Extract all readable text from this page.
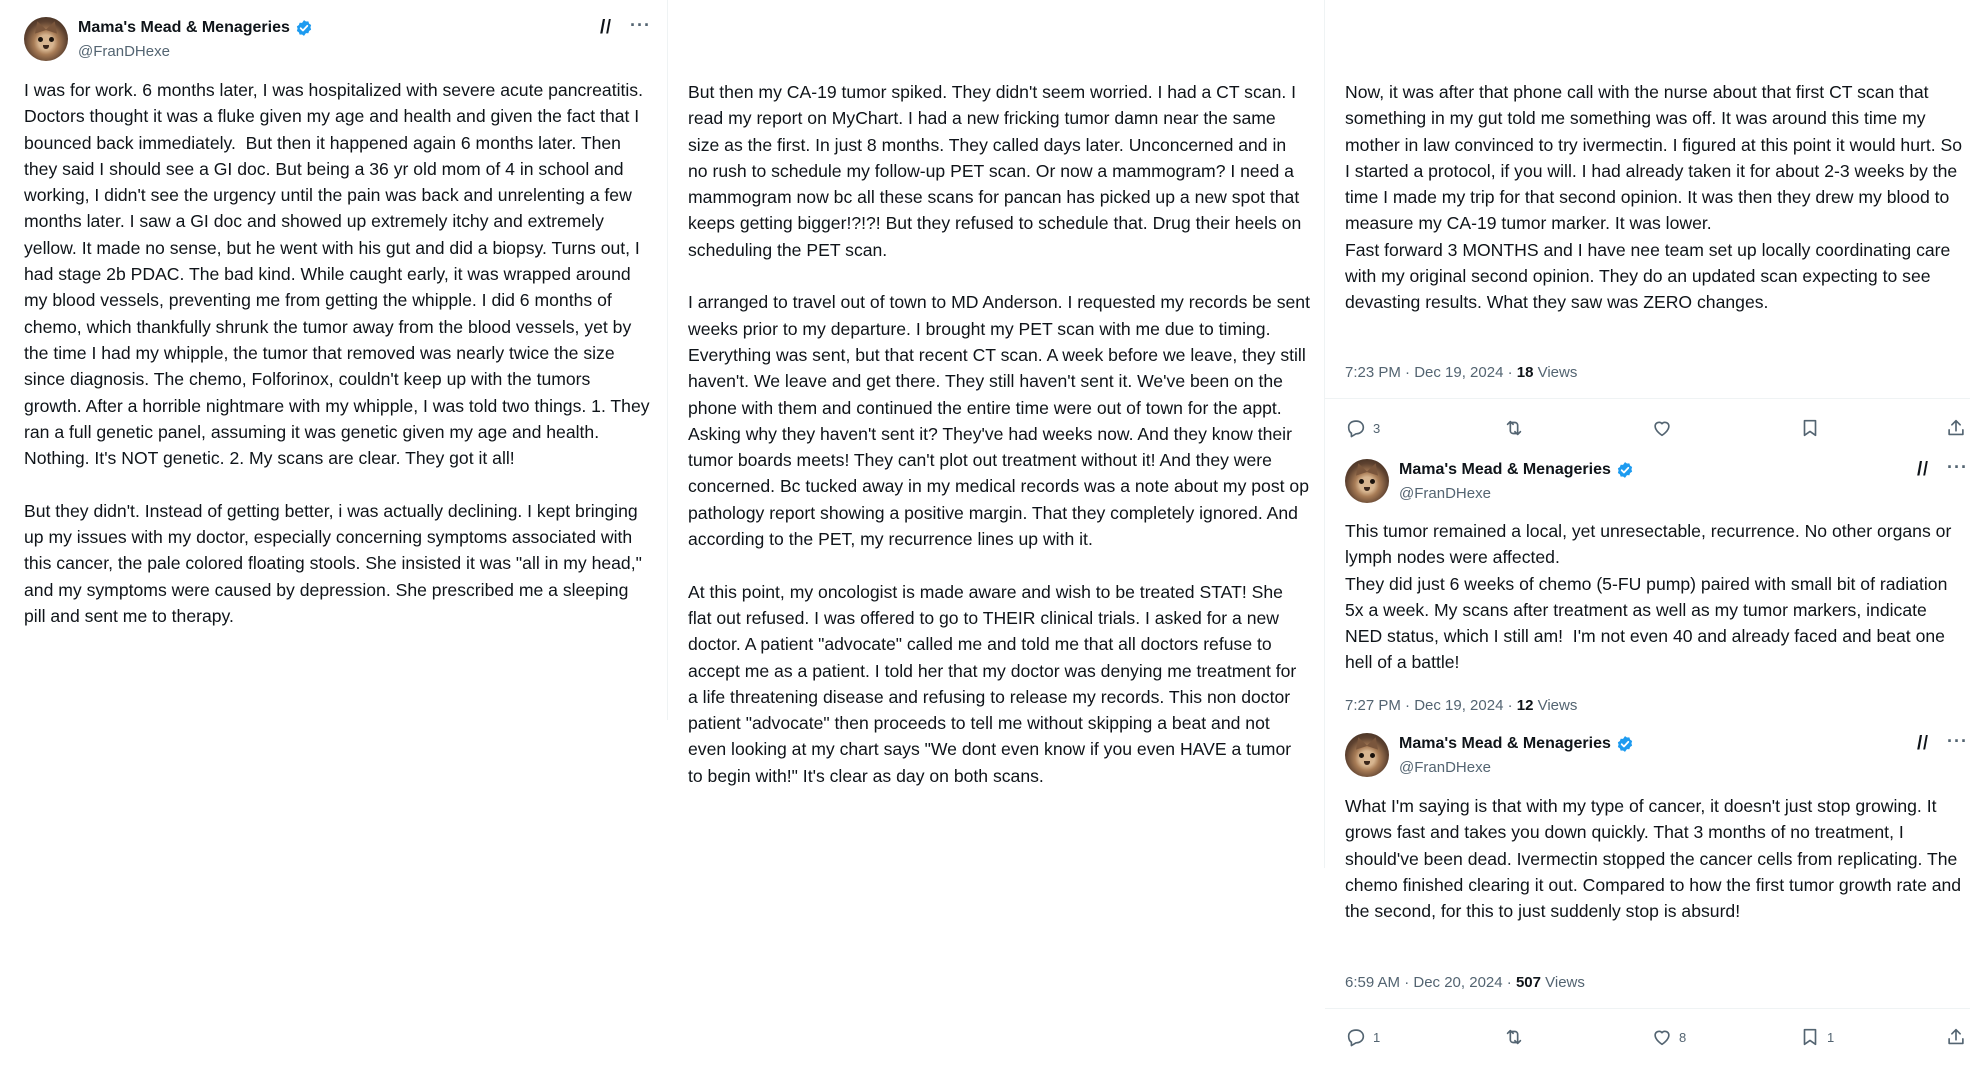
Mama's Mead & Menageries
@FranDHexe
/ ̸ ···
I was for work. 6 months later, I was hospitalized with severe acute pancreatitis. Doctors thought it was a fluke given my age and health and given the fact that I bounced back immediately.  But then it happened again 6 months later. Then they said I should see a GI doc. But being a 36 yr old mom of 4 in school and working, I didn't see the urgency until the pain was back and unrelenting a few months later. I saw a GI doc and showed up extremely itchy and extremely yellow. It made no sense, but he went with his gut and did a biopsy. Turns out, I had stage 2b PDAC. The bad kind. While caught early, it was wrapped around my blood vessels, preventing me from getting the whipple. I did 6 months of chemo, which thankfully shrunk the tumor away from the blood vessels, yet by the time I had my whipple, the tumor that removed was nearly twice the size since diagnosis. The chemo, Folforinox, couldn't keep up with the tumors growth. After a horrible nightmare with my whipple, I was told two things. 1. They ran a full genetic panel, assuming it was genetic given my age and health. Nothing. It's NOT genetic. 2. My scans are clear. They got it all!

But they didn't. Instead of getting better, i was actually declining. I kept bringing up my issues with my doctor, especially concerning symptoms associated with this cancer, the pale colored floating stools. She insisted it was "all in my head," and my symptoms were caused by depression. She prescribed me a sleeping pill and sent me to therapy.
But then my CA-19 tumor spiked. They didn't seem worried. I had a CT scan. I read my report on MyChart. I had a new fricking tumor damn near the same size as the first. In just 8 months. They called days later. Unconcerned and in no rush to schedule my follow-up PET scan. Or now a mammogram? I need a mammogram now bc all these scans for pancan has picked up a new spot that keeps getting bigger!?!?! But they refused to schedule that. Drug their heels on scheduling the PET scan.

I arranged to travel out of town to MD Anderson. I requested my records be sent weeks prior to my departure. I brought my PET scan with me due to timing. Everything was sent, but that recent CT scan. A week before we leave, they still haven't. We leave and get there. They still haven't sent it. We've been on the phone with them and continued the entire time were out of town for the appt. Asking why they haven't sent it? They've had weeks now. And they know their tumor boards meets! They can't plot out treatment without it! And they were concerned. Bc tucked away in my medical records was a note about my post op pathology report showing a positive margin. That they completely ignored. And according to the PET, my recurrence lines up with it.

At this point, my oncologist is made aware and wish to be treated STAT! She flat out refused. I was offered to go to THEIR clinical trials. I asked for a new doctor. A patient "advocate" called me and told me that all doctors refuse to accept me as a patient. I told her that my doctor was denying me treatment for a life threatening disease and refusing to release my records. This non doctor patient "advocate" then proceeds to tell me without skipping a beat and not even looking at my chart says "We dont even know if you even HAVE a tumor to begin with!" It's clear as day on both scans.
Now, it was after that phone call with the nurse about that first CT scan that something in my gut told me something was off. It was around this time my mother in law convinced to try ivermectin. I figured at this point it would hurt. So I started a protocol, if you will. I had already taken it for about 2-3 weeks by the time I made my trip for that second opinion. It was then they drew my blood to measure my CA-19 tumor marker. It was lower.
Fast forward 3 MONTHS and I have nee team set up locally coordinating care with my original second opinion. They do an updated scan expecting to see devasting results. What they saw was ZERO changes.
7:23 PM · Dec 19, 2024 · 18 Views
3
Mama's Mead & Menageries
@FranDHexe
/ ̸ ···
This tumor remained a local, yet unresectable, recurrence. No other organs or lymph nodes were affected.
They did just 6 weeks of chemo (5-FU pump) paired with small bit of radiation 5x a week. My scans after treatment as well as my tumor markers, indicate NED status, which I still am!  I'm not even 40 and already faced and beat one hell of a battle!
7:27 PM · Dec 19, 2024 · 12 Views
Mama's Mead & Menageries
@FranDHexe
/ ̸ ···
What I'm saying is that with my type of cancer, it doesn't just stop growing. It grows fast and takes you down quickly. That 3 months of no treatment, I should've been dead. Ivermectin stopped the cancer cells from replicating. The chemo finished clearing it out. Compared to how the first tumor growth rate and the second, for this to just suddenly stop is absurd!
6:59 AM · Dec 20, 2024 · 507 Views
1	8	1
